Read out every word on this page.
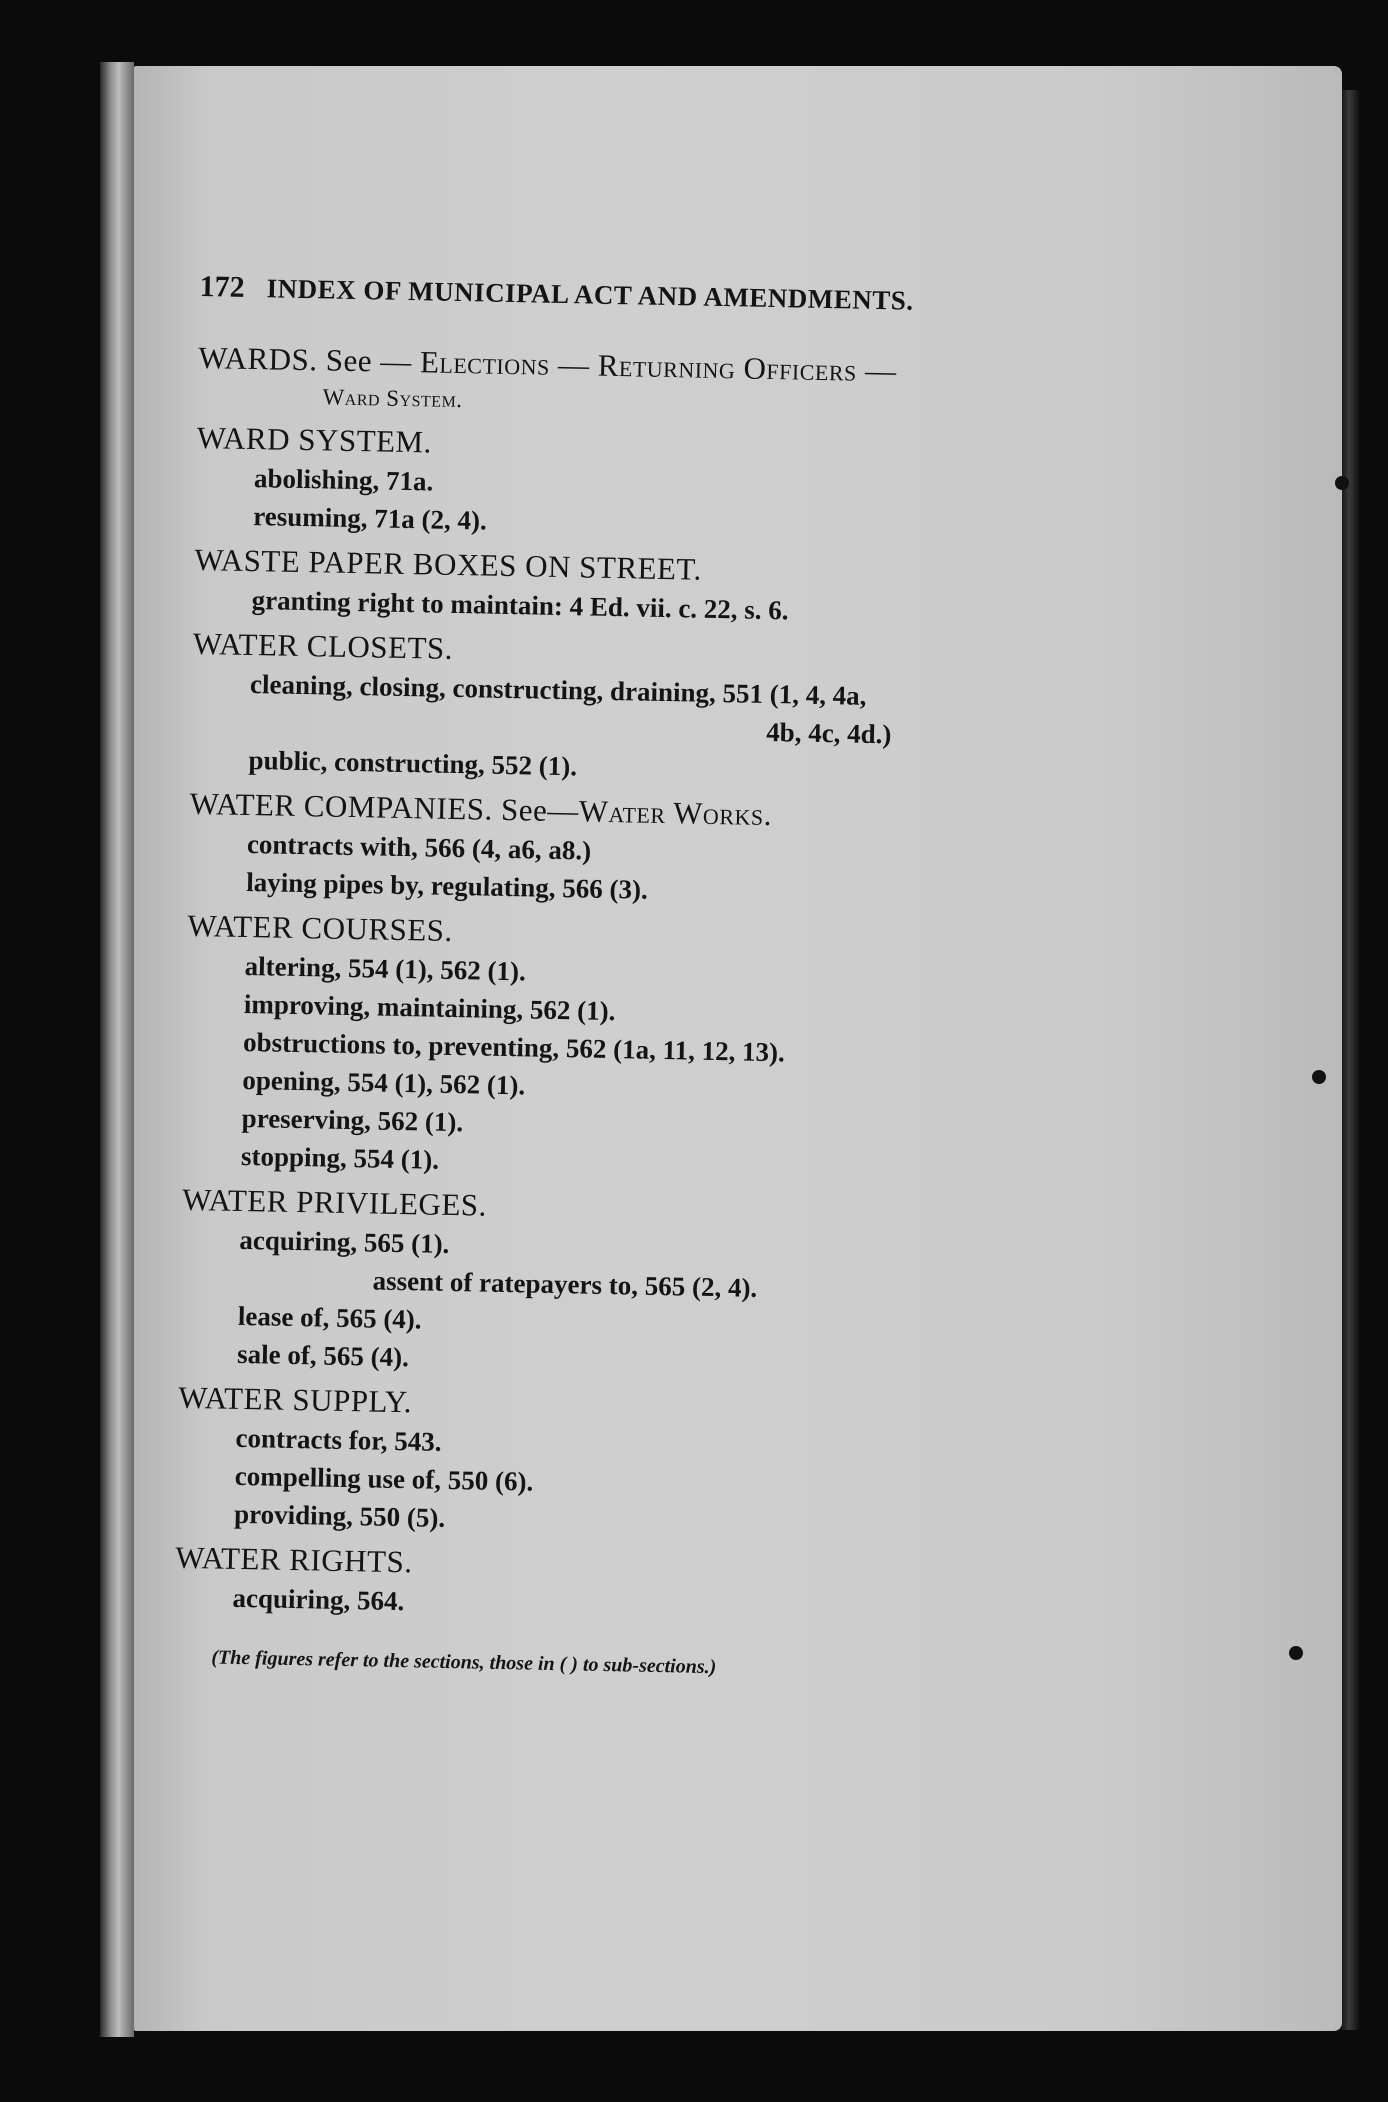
172 INDEX OF MUNICIPAL ACT AND AMENDMENTS.
WARDS. See — Elections — Returning Officers —
Ward System.
WARD SYSTEM.
abolishing, 71a.
resuming, 71a (2, 4).
WASTE PAPER BOXES ON STREET.
granting right to maintain: 4 Ed. vii. c. 22, s. 6.
WATER CLOSETS.
cleaning, closing, constructing, draining, 551 (1, 4, 4a,
4b, 4c, 4d.)
public, constructing, 552 (1).
WATER COMPANIES. See—Water Works.
contracts with, 566 (4, a6, a8.)
laying pipes by, regulating, 566 (3).
WATER COURSES.
altering, 554 (1), 562 (1).
improving, maintaining, 562 (1).
obstructions to, preventing, 562 (1a, 11, 12, 13).
opening, 554 (1), 562 (1).
preserving, 562 (1).
stopping, 554 (1).
WATER PRIVILEGES.
acquiring, 565 (1).
assent of ratepayers to, 565 (2, 4).
lease of, 565 (4).
sale of, 565 (4).
WATER SUPPLY.
contracts for, 543.
compelling use of, 550 (6).
providing, 550 (5).
WATER RIGHTS.
acquiring, 564.
(The figures refer to the sections, those in ( ) to sub-sections.)
